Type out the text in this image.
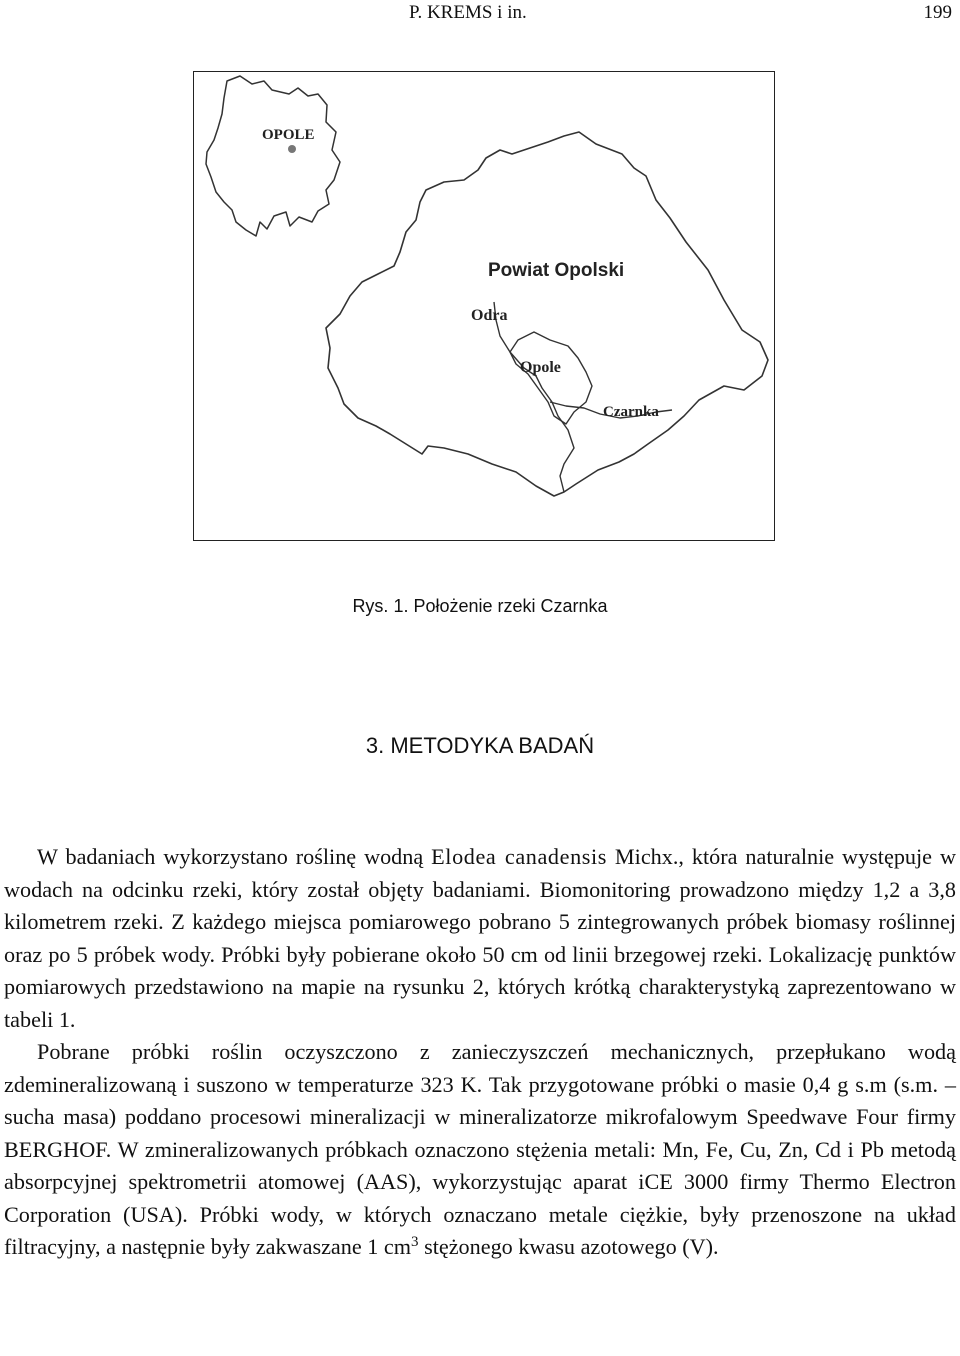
P. KREMS i in.	199
OPOLE
Powiat Opolski
Odra
Opole
Czarnka
Rys. 1. Położenie rzeki Czarnka
3. METODYKA BADAŃ

W badaniach wykorzystano roślinę wodną Elodea canadensis Michx., która naturalnie występuje w wodach na odcinku rzeki, który został objęty badaniami. Biomonitoring prowadzono między 1,2 a 3,8 kilometrem rzeki. Z każdego miejsca pomiarowego pobrano 5 zintegrowanych próbek biomasy roślinnej oraz po 5 próbek wody. Próbki były pobierane około 50 cm od linii brzegowej rzeki. Lokalizację punktów pomiarowych przedstawiono na mapie na rysunku 2, których krótką charakterystyką zaprezentowano w tabeli 1.

Pobrane próbki roślin oczyszczono z zanieczyszczeń mechanicznych, przepłukano wodą zdemineralizowaną i suszono w temperaturze 323 K. Tak przygotowane próbki o masie 0,4 g s.m (s.m. – sucha masa) poddano procesowi mineralizacji w mineralizatorze mikrofalowym Speedwave Four firmy BERGHOF. W zmineralizowanych próbkach oznaczono stężenia metali: Mn, Fe, Cu, Zn, Cd i Pb metodą absorpcyjnej spektrometrii atomowej (AAS), wykorzystując aparat iCE 3000 firmy Thermo Electron Corporation (USA). Próbki wody, w których oznaczano metale ciężkie, były przenoszone na układ filtracyjny, a następnie były zakwaszane 1 $cm^3$ stężonego kwasu azotowego (V).
